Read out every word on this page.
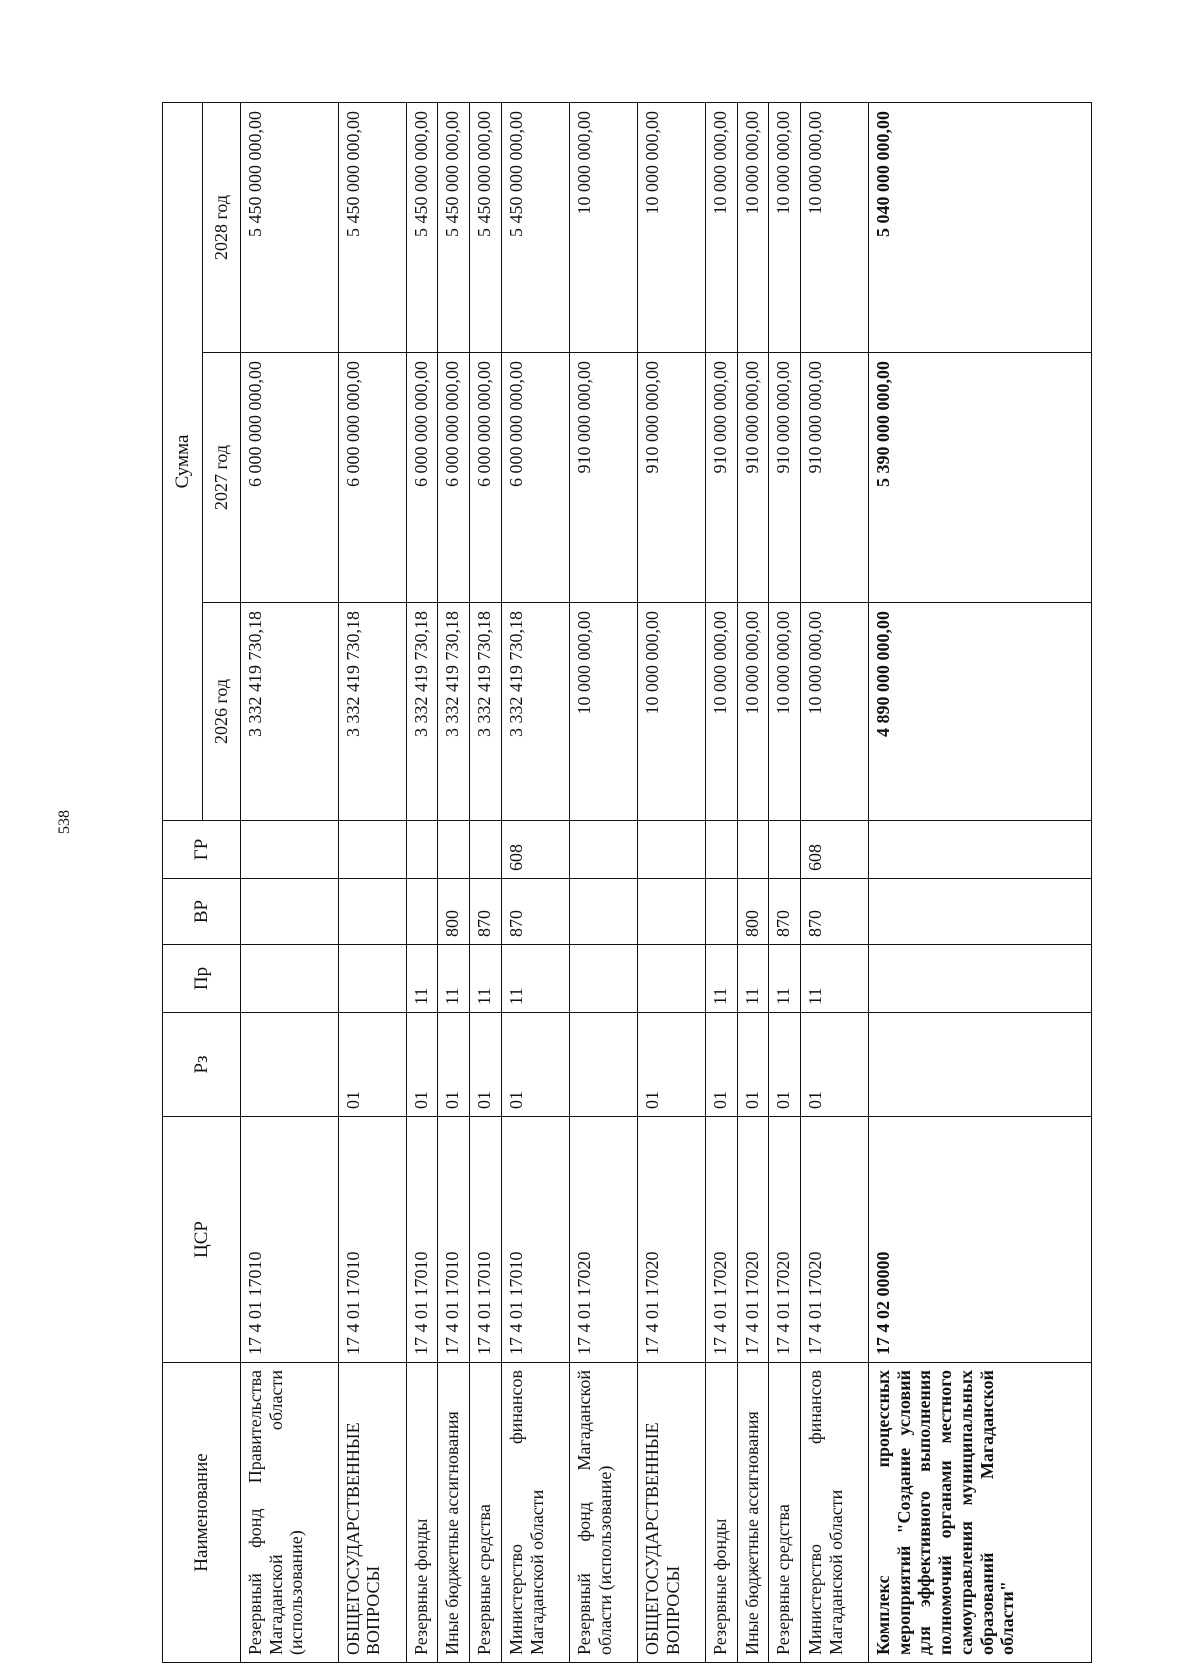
538
Наименование	ЦСР	Рз	Пр	ВР	ГР	Сумма		
						2026 год	2027 год	2028 год
Резервный фонд Правительства Магаданской области (использование)	17 4 01 17010					3 332 419 730,18	6 000 000 000,00	5 450 000 000,00
ОБЩЕГОСУДАРСТВЕННЫЕ ВОПРОСЫ	17 4 01 17010	01				3 332 419 730,18	6 000 000 000,00	5 450 000 000,00
Резервные фонды	17 4 01 17010	01	11			3 332 419 730,18	6 000 000 000,00	5 450 000 000,00
Иные бюджетные ассигнования	17 4 01 17010	01	11	800		3 332 419 730,18	6 000 000 000,00	5 450 000 000,00
Резервные средства	17 4 01 17010	01	11	870		3 332 419 730,18	6 000 000 000,00	5 450 000 000,00
Министерство финансов Магаданской области	17 4 01 17010	01	11	870	608	3 332 419 730,18	6 000 000 000,00	5 450 000 000,00
Резервный фонд Магаданской области (использование)	17 4 01 17020					10 000 000,00	910 000 000,00	10 000 000,00
ОБЩЕГОСУДАРСТВЕННЫЕ ВОПРОСЫ	17 4 01 17020	01				10 000 000,00	910 000 000,00	10 000 000,00
Резервные фонды	17 4 01 17020	01	11			10 000 000,00	910 000 000,00	10 000 000,00
Иные бюджетные ассигнования	17 4 01 17020	01	11	800		10 000 000,00	910 000 000,00	10 000 000,00
Резервные средства	17 4 01 17020	01	11	870		10 000 000,00	910 000 000,00	10 000 000,00
Министерство финансов Магаданской области	17 4 01 17020	01	11	870	608	10 000 000,00	910 000 000,00	10 000 000,00
Комплекс процессных мероприятий "Создание условий для эффективного выполнения полномочий органами местного самоуправления муниципальных образований Магаданской области"	17 4 02 00000					4 890 000 000,00	5 390 000 000,00	5 040 000 000,00
